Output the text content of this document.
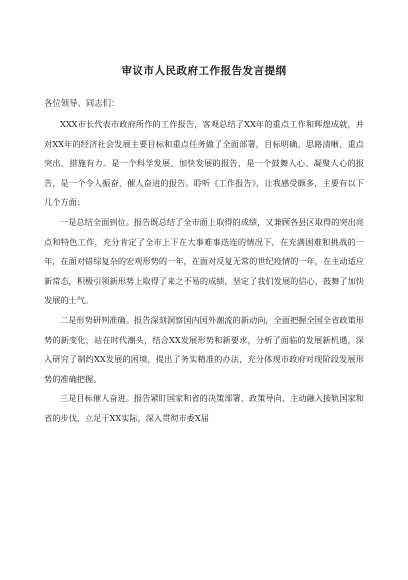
审议市人民政府工作报告发言提纲

各位领导、同志们：

XXX市长代表市政府所作的工作报告，客观总结了XX年的重点工作和辉煌成就，并对XX年的经济社会发展主要目标和重点任务做了全面部署，目标明确、思路清晰、重点突出、措施有力。是一个科学发展、加快发展的报告，是一个鼓舞人心、凝聚人心的报告，是一个令人振奋、催人奋进的报告。聆听《工作报告》，让我感受颇多，主要有以下几个方面：

一是总结全面到位。报告既总结了全市面上取得的成绩，又兼顾各县区取得的突出亮点和特色工作，充分肯定了全市上下在大事难事迭连的情况下，在充满困难和挑战的一年，在面对错综复杂的宏观形势的一年，在面对反复无常的世纪疫情的一年，在主动适应新常态，积极引领新形势上取得了来之不易的成绩，坚定了我们发展的信心，鼓舞了加快发展的士气。

二是形势研判准确。报告深刻洞察国内国外潮流的新动向，全面把握全国全省政策形势的新变化，站在时代潮头，结合XX发展形势和新要求，分析了面临的发展新机遇，深入研究了制约XX发展的困境，提出了务实精准的办法，充分体现市政府对现阶段发展形势的准确把握。

三是目标催人奋进。报告紧盯国家和省的决策部署、政策导向，主动融入接轨国家和省的步伐，立足于XX实际，深入贯彻市委X届
